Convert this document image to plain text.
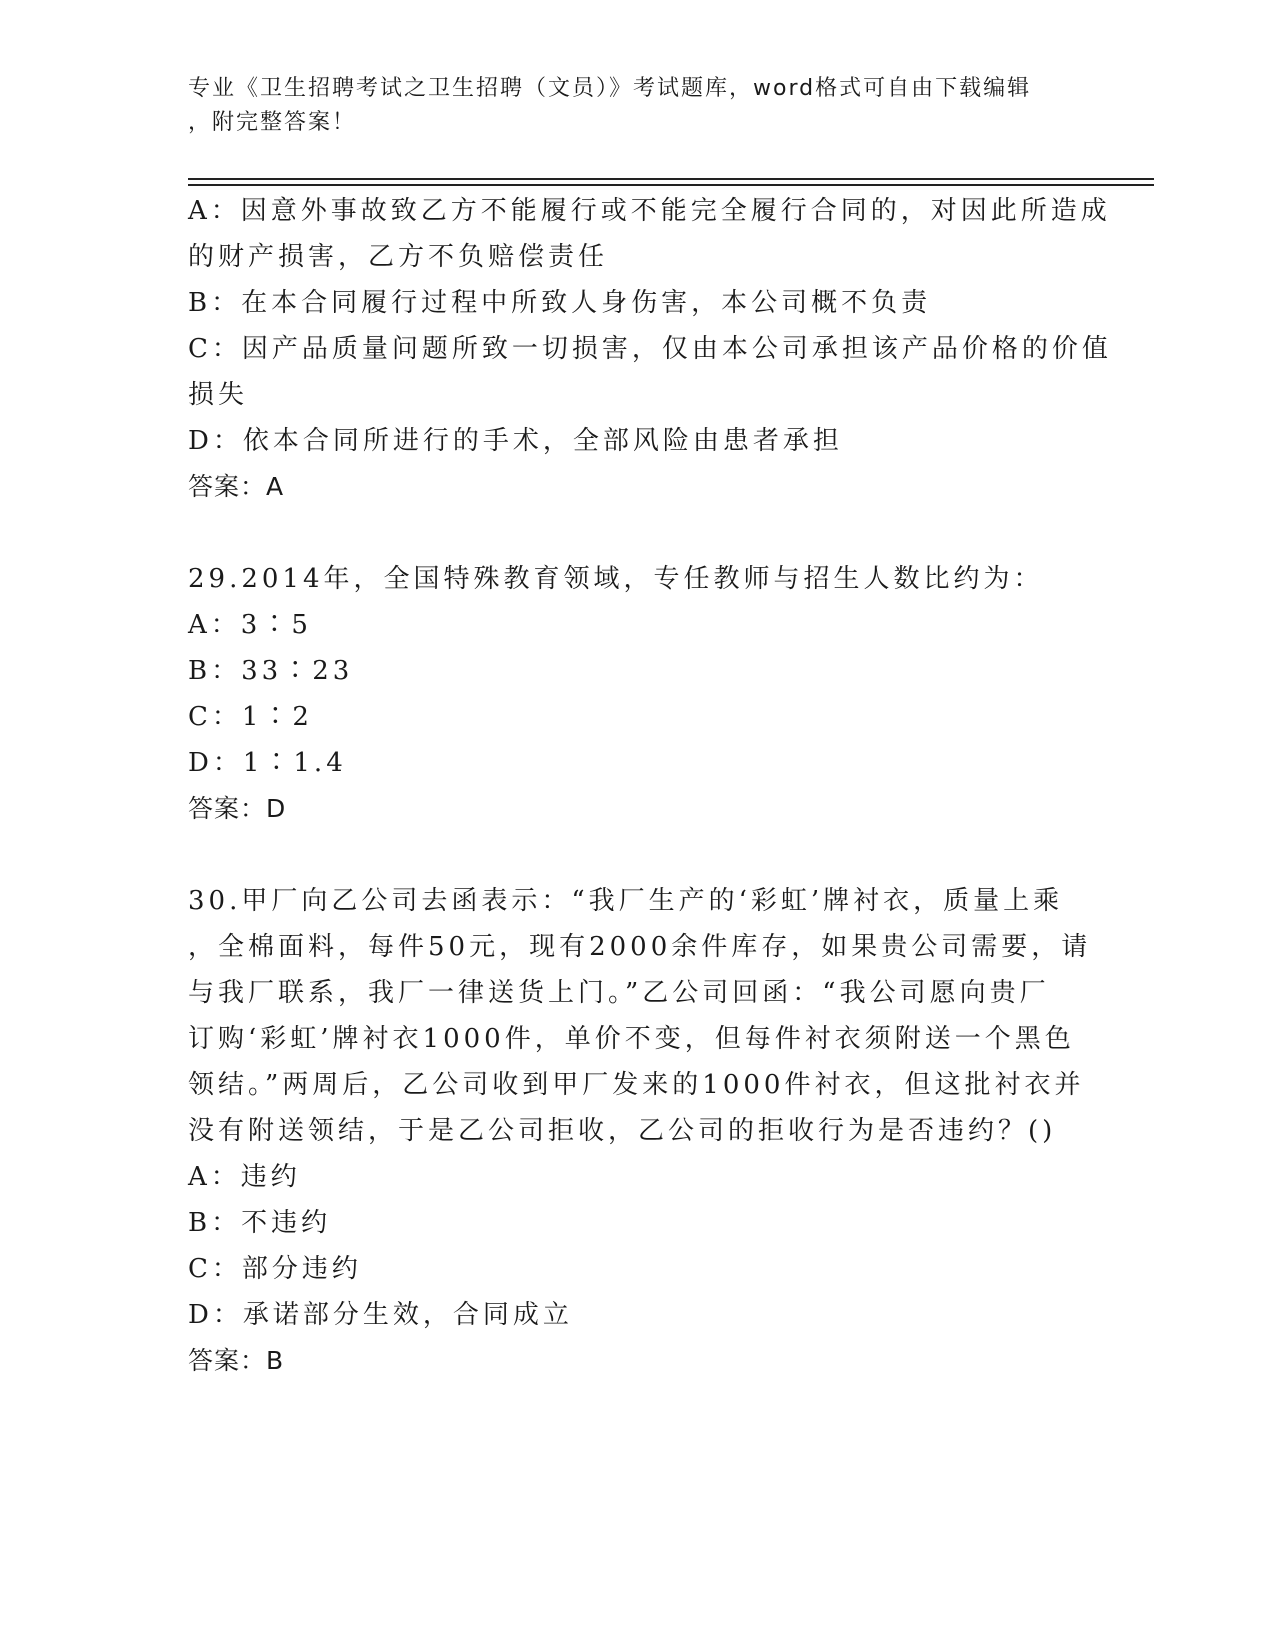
专业《卫生招聘考试之卫生招聘（文员）》考试题库，word格式可自由下载编辑
，附完整答案！
A：因意外事故致乙方不能履行或不能完全履行合同的，对因此所造成
的财产损害，乙方不负赔偿责任
B：在本合同履行过程中所致人身伤害，本公司概不负责
C：因产品质量问题所致一切损害，仅由本公司承担该产品价格的价值
损失
D：依本合同所进行的手术，全部风险由患者承担
答案：A
29.2014年，全国特殊教育领域，专任教师与招生人数比约为：
A：3∶5
B：33∶23
C：1∶2
D：1∶1.4
答案：D
30.甲厂向乙公司去函表示：“我厂生产的‘彩虹’牌衬衣，质量上乘
，全棉面料，每件50元，现有2000余件库存，如果贵公司需要，请
与我厂联系，我厂一律送货上门。”乙公司回函：“我公司愿向贵厂
订购‘彩虹’牌衬衣1000件，单价不变，但每件衬衣须附送一个黑色
领结。”两周后，乙公司收到甲厂发来的1000件衬衣，但这批衬衣并
没有附送领结，于是乙公司拒收，乙公司的拒收行为是否违约？()
A：违约
B：不违约
C：部分违约
D：承诺部分生效，合同成立
答案：B
